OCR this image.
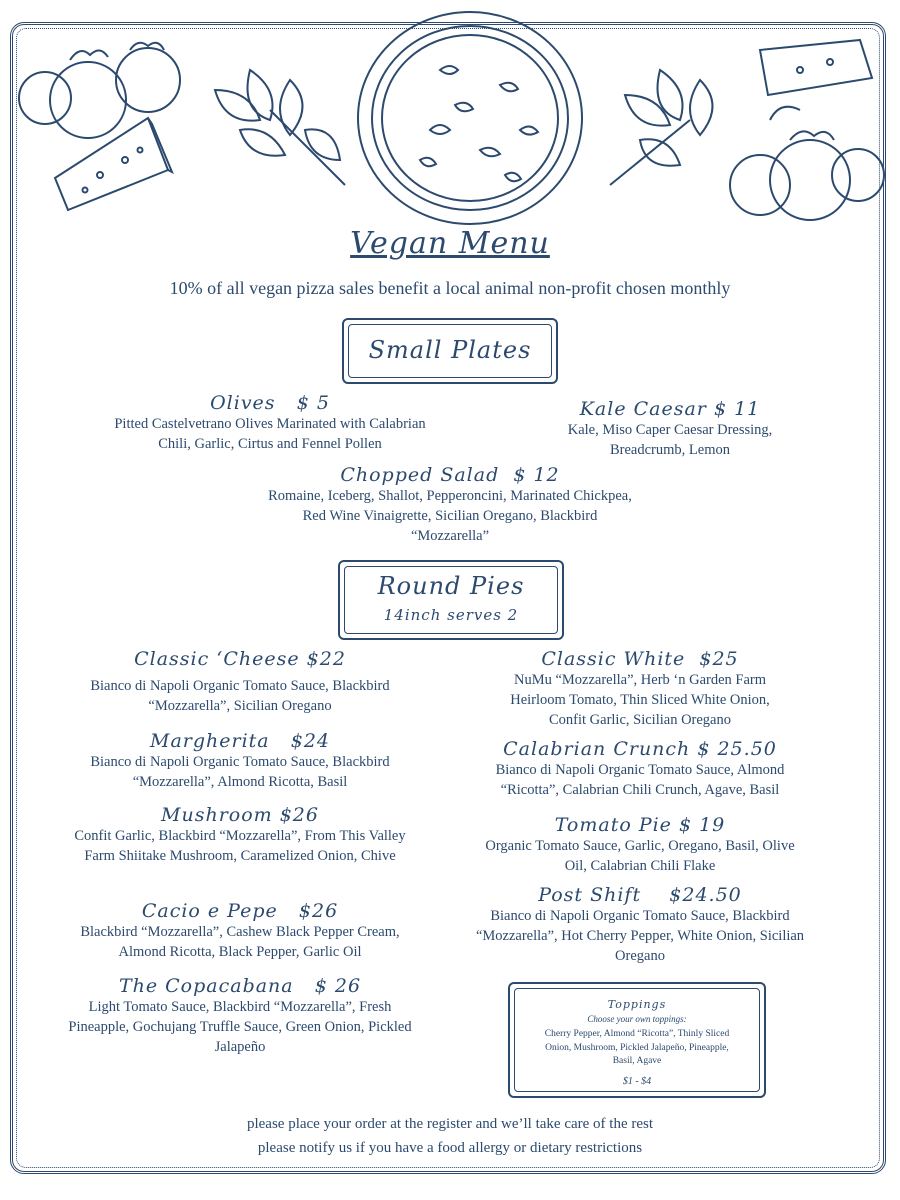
Vegan Menu
10% of all vegan pizza sales benefit a local animal non-profit chosen monthly
Small Plates
Olives $ 5
Pitted Castelvetrano Olives Marinated with Calabrian Chili, Garlic, Cirtus and Fennel Pollen
Kale Caesar $ 11
Kale, Miso Caper Caesar Dressing, Breadcrumb, Lemon
Chopped Salad $ 12
Romaine, Iceberg, Shallot, Pepperoncini, Marinated Chickpea, Red Wine Vinaigrette, Sicilian Oregano, Blackbird “Mozzarella”
Round Pies
14inch serves 2
Classic ‘Cheese $22
Bianco di Napoli Organic Tomato Sauce, Blackbird “Mozzarella”, Sicilian Oregano
Margherita $24
Bianco di Napoli Organic Tomato Sauce, Blackbird “Mozzarella”, Almond Ricotta, Basil
Mushroom $26
Confit Garlic, Blackbird “Mozzarella”, From This Valley Farm Shiitake Mushroom, Caramelized Onion, Chive
Cacio e Pepe $26
Blackbird “Mozzarella”, Cashew Black Pepper Cream, Almond Ricotta, Black Pepper, Garlic Oil
The Copacabana $ 26
Light Tomato Sauce, Blackbird “Mozzarella”, Fresh Pineapple, Gochujang Truffle Sauce, Green Onion, Pickled Jalapeño
Classic White $25
NuMu “Mozzarella”, Herb ‘n Garden Farm Heirloom Tomato, Thin Sliced White Onion, Confit Garlic, Sicilian Oregano
Calabrian Crunch $ 25.50
Bianco di Napoli Organic Tomato Sauce, Almond “Ricotta”, Calabrian Chili Crunch, Agave, Basil
Tomato Pie $ 19
Organic Tomato Sauce, Garlic, Oregano, Basil, Olive Oil, Calabrian Chili Flake
Post Shift $24.50
Bianco di Napoli Organic Tomato Sauce, Blackbird “Mozzarella”, Hot Cherry Pepper, White Onion, Sicilian Oregano
Toppings
Choose your own toppings:
Cherry Pepper, Almond “Ricotta”, Thinly Sliced Onion, Mushroom, Pickled Jalapeño, Pineapple, Basil, Agave
$1 - $4
please place your order at the register and we’ll take care of the rest
please notify us if you have a food allergy or dietary restrictions
